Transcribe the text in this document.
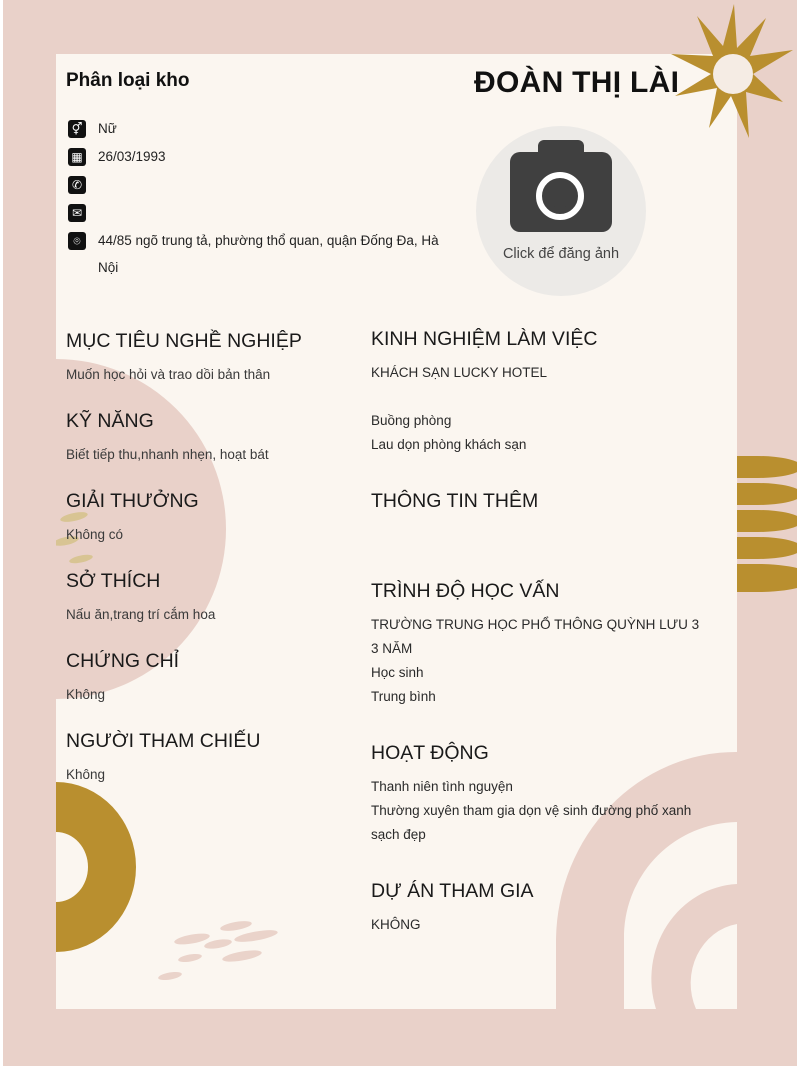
Phân loại kho	ĐOÀN THỊ LÀI
⚥ Nữ
▦ 26/03/1993
✆
✉
⌾	44/85 ngõ trung tả, phường thổ quan, quận Đống Đa, Hà
Nội
Click để đăng ảnh
MỤC TIÊU NGHỀ NGHIỆP
Muốn học hỏi và trao dồi bản thân
KỸ NĂNG
Biết tiếp thu,nhanh nhẹn, hoạt bát
GIẢI THƯỞNG
Không có
SỞ THÍCH
Nấu ăn,trang trí cắm hoa
CHỨNG CHỈ
Không
NGƯỜI THAM CHIẾU
Không
KINH NGHIỆM LÀM VIỆC
KHÁCH SẠN LUCKY HOTEL
Buồng phòng
Lau dọn phòng khách sạn
THÔNG TIN THÊM
TRÌNH ĐỘ HỌC VẤN
TRƯỜNG TRUNG HỌC PHỔ THÔNG QUỲNH LƯU 3
3 NĂM
Học sinh
Trung bình
HOẠT ĐỘNG
Thanh niên tình nguyện
Thường xuyên tham gia dọn vệ sinh đường phố xanh
sạch đẹp
DỰ ÁN THAM GIA
KHÔNG
